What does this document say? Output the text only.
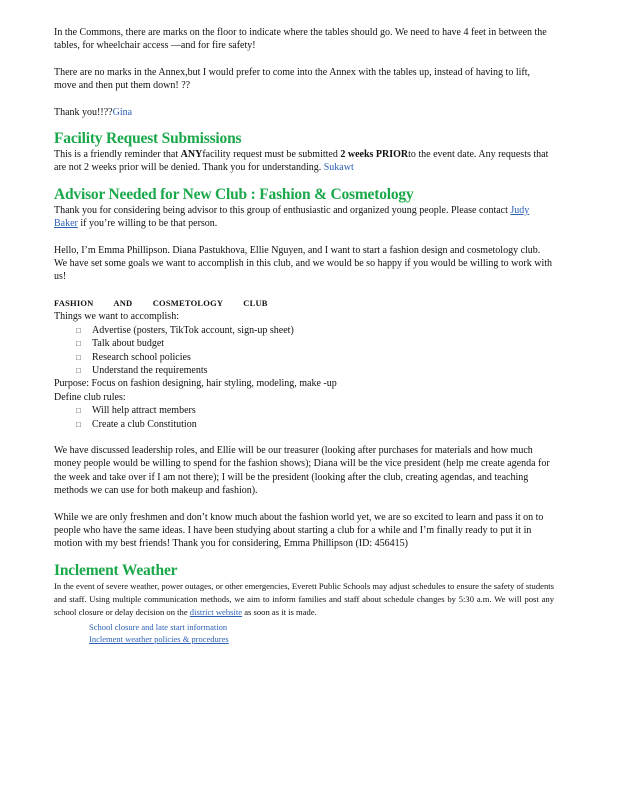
In the Commons, there are marks on the floor to indicate where the tables should go. We need to have 4 feet in between the tables, for wheelchair access —and for fire safety!

There are no marks in the Annex,but I would prefer to come into the Annex with the tables up, instead of having to lift, move and then put them down! ??

Thank you!!??Gina

Facility Request Submissions

This is a friendly reminder that ANYfacility request must be submitted 2 weeks PRIORto the event date. Any requests that are not 2 weeks prior will be denied. Thank you for understanding. Sukawt

Advisor Needed for New Club : Fashion & Cosmetology

Thank you for considering being advisor to this group of enthusiastic and organized young people. Please contact Judy Baker if you’re willing to be that person.

Hello, I’m Emma Phillipson. Diana Pastukhova, Ellie Nguyen, and I want to start a fashion design and cosmetology club. We have set some goals we want to accomplish in this club, and we would be so happy if you would be willing to work with us!

FASHION AND COSMETOLOGY CLUB

Things we want to accomplish:

□ Advertise (posters, TikTok account, sign-up sheet)
□ Talk about budget
□ Research school policies
□ Understand the requirements

Purpose: Focus on fashion designing, hair styling, modeling, make -up

Define club rules:

□ Will help attract members
□ Create a club Constitution

We have discussed leadership roles, and Ellie will be our treasurer (looking after purchases for materials and how much money people would be willing to spend for the fashion shows); Diana will be the vice president (help me create agenda for the week and take over if I am not there); I will be the president (looking after the club, creating agendas, and teaching methods we can use for both makeup and fashion).

While we are only freshmen and don’t know much about the fashion world yet, we are so excited to learn and pass it on to people who have the same ideas. I have been studying about starting a club for a while and I’m finally ready to put it in motion with my best friends! Thank you for considering, Emma Phillipson (ID: 456415)

Inclement Weather

In the event of severe weather, power outages, or other emergencies, Everett Public Schools may adjust schedules to ensure the safety of students and staff. Using multiple communication methods, we aim to inform families and staff about schedule changes by 5:30 a.m. We will post any school closure or delay decision on the district website as soon as it is made.

School closure and late start information
Inclement weather policies & procedures
